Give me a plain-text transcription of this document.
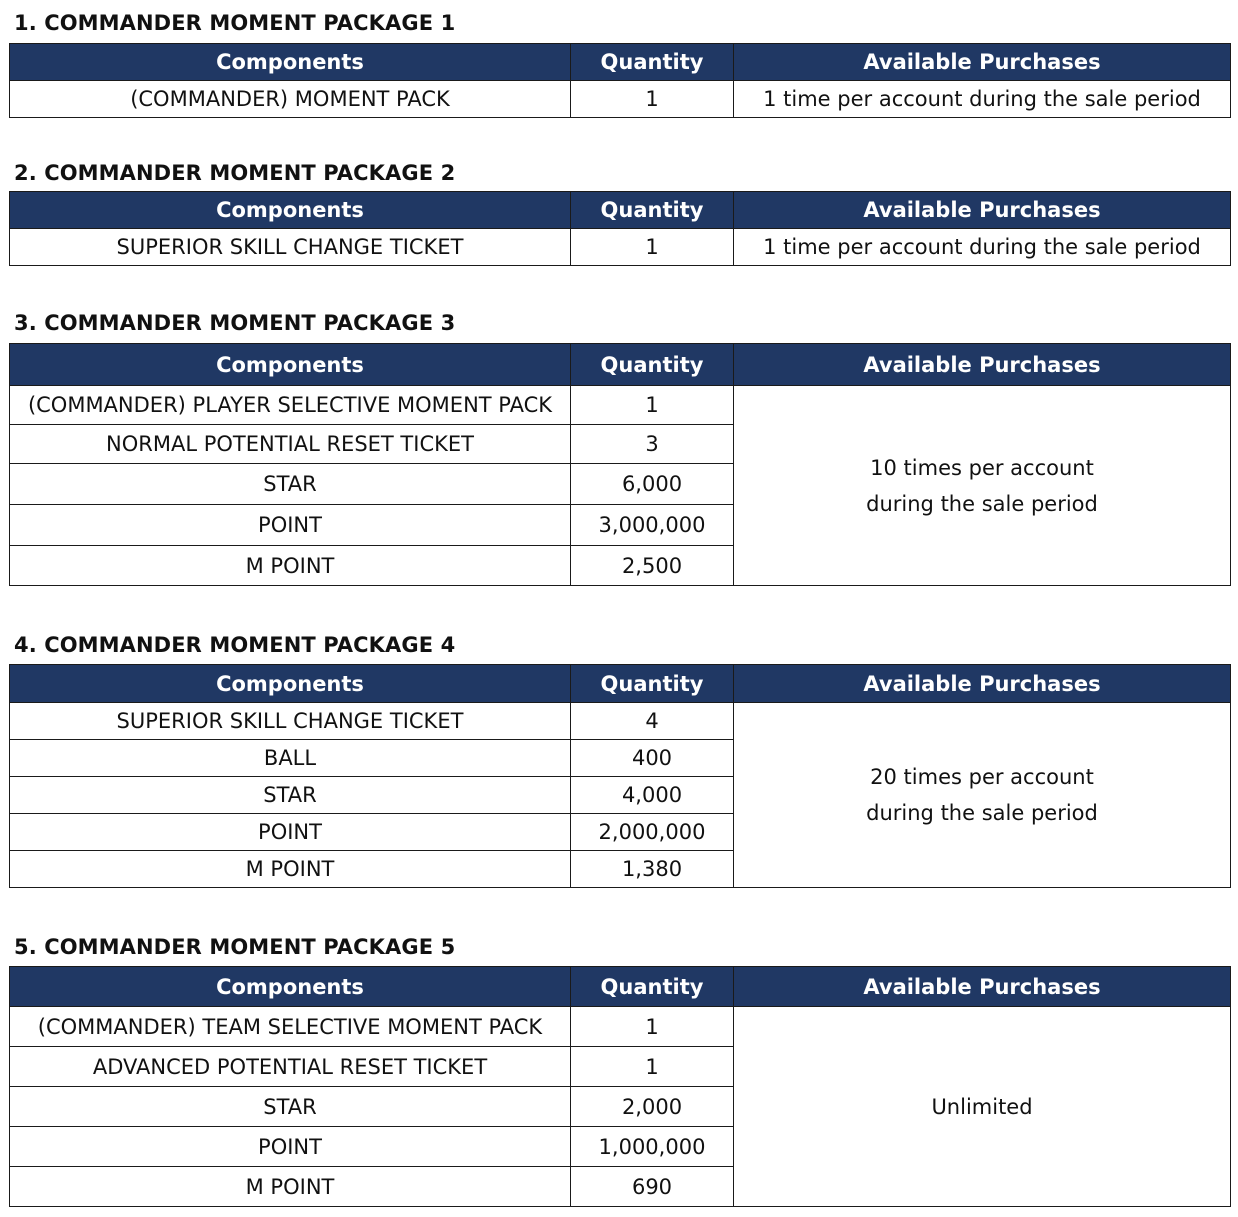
1. COMMANDER MOMENT PACKAGE 1
Components	Quantity	Available Purchases
(COMMANDER) MOMENT PACK	1	1 time per account during the sale period
2. COMMANDER MOMENT PACKAGE 2
Components	Quantity	Available Purchases
SUPERIOR SKILL CHANGE TICKET	1	1 time per account during the sale period
3. COMMANDER MOMENT PACKAGE 3
Components	Quantity	Available Purchases
(COMMANDER) PLAYER SELECTIVE MOMENT PACK	1	10 times per account
during the sale period

NORMAL POTENTIAL RESET TICKET	3	
STAR	6,000	
POINT	3,000,000	
M POINT	2,500	
4. COMMANDER MOMENT PACKAGE 4
Components	Quantity	Available Purchases
SUPERIOR SKILL CHANGE TICKET	4	20 times per account
during the sale period

BALL	400	
STAR	4,000	
POINT	2,000,000	
M POINT	1,380	
5. COMMANDER MOMENT PACKAGE 5
Components	Quantity	Available Purchases
(COMMANDER) TEAM SELECTIVE MOMENT PACK	1	Unlimited

ADVANCED POTENTIAL RESET TICKET	1	
STAR	2,000	
POINT	1,000,000	
M POINT	690	
